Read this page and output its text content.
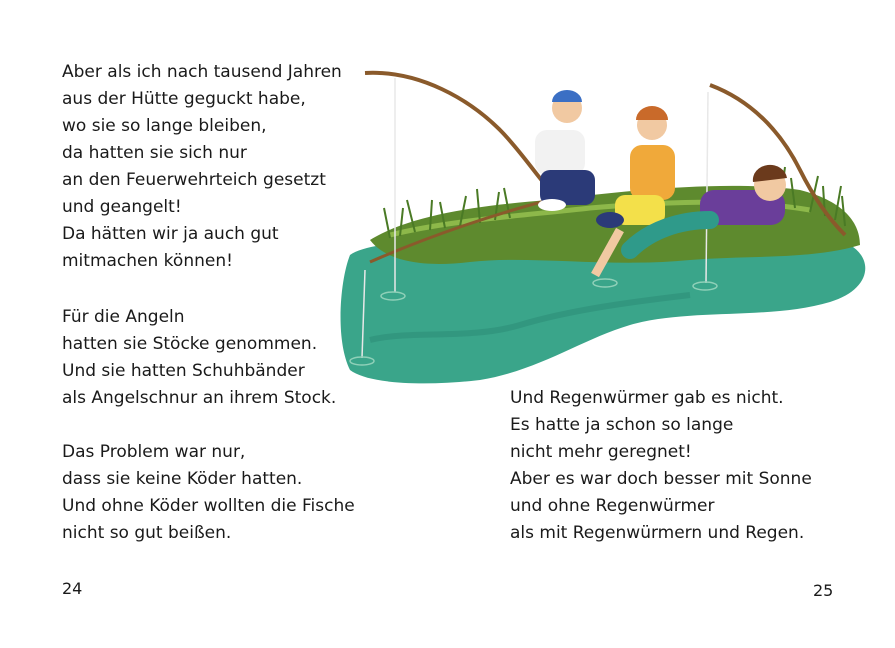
Aber als ich nach tausend Jahren
aus der Hütte geguckt habe,
wo sie so lange bleiben,
da hatten sie sich nur
an den Feuerwehrteich gesetzt
und geangelt!
Da hätten wir ja auch gut
mitmachen können!
Für die Angeln
hatten sie Stöcke genommen.
Und sie hatten Schuhbänder
als Angelschnur an ihrem Stock.
Das Problem war nur,
dass sie keine Köder hatten.
Und ohne Köder wollten die Fische
nicht so gut beißen.
Und Regenwürmer gab es nicht.
Es hatte ja schon so lange
nicht mehr geregnet!
Aber es war doch besser mit Sonne
und ohne Regenwürmer
als mit Regenwürmern und Regen.
24	25
